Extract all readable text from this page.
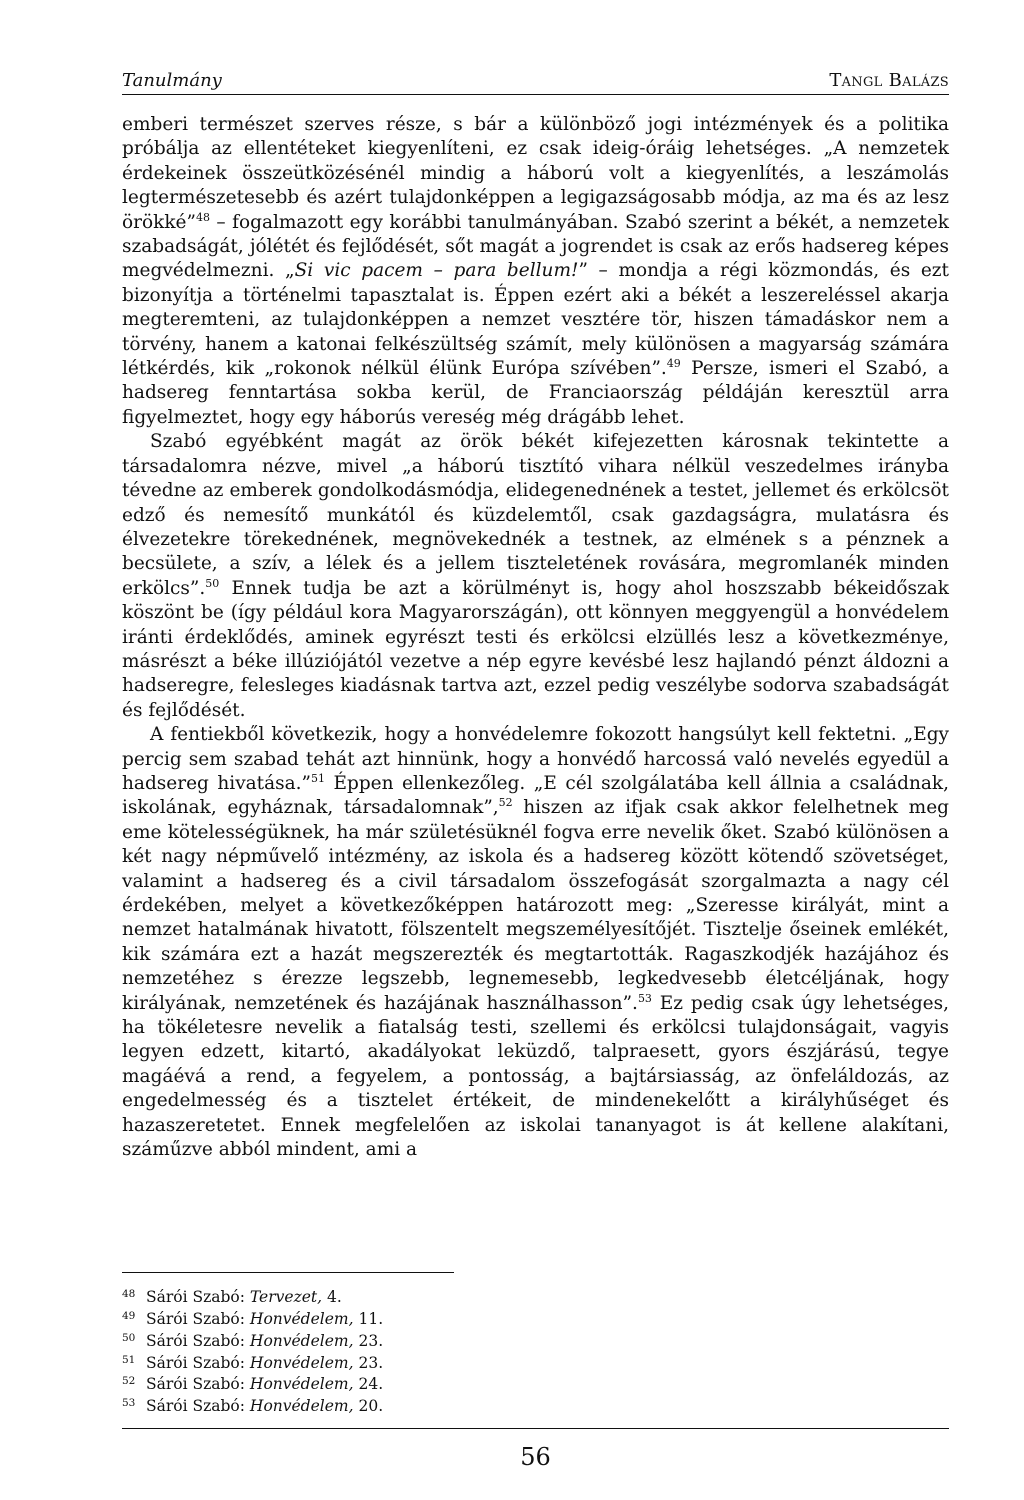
Tanulmány	Tangl Balázs

emberi természet szerves része, s bár a különböző jogi intézmények és a politika próbálja az ellentéteket kiegyenlíteni, ez csak ideig-óráig lehetséges. „A nemzetek érdekeinek összeütközésénél mindig a háború volt a kiegyenlítés, a leszámolás legtermészetesebb és azért tulajdonképpen a legigazságosabb módja, az ma és az lesz örökké”$^{48}$ – fogalmazott egy korábbi tanulmányában. Szabó szerint a békét, a nemzetek szabadságát, jólétét és fejlődését, sőt magát a jogrendet is csak az erős hadsereg képes megvédelmezni. „Si vic pacem – para bellum!” – mondja a régi közmondás, és ezt bizonyítja a történelmi tapasztalat is. Éppen ezért aki a békét a leszereléssel akarja megteremteni, az tulajdonképpen a nemzet vesztére tör, hiszen támadáskor nem a törvény, hanem a katonai felkészültség számít, mely különösen a magyarság számára létkérdés, kik „rokonok nélkül élünk Európa szívében”.$^{49}$ Persze, ismeri el Szabó, a hadsereg fenntartása sokba kerül, de Franciaország példáján keresztül arra figyelmeztet, hogy egy háborús vereség még drágább lehet.

Szabó egyébként magát az örök békét kifejezetten károsnak tekintette a társadalomra nézve, mivel „a háború tisztító vihara nélkül veszedelmes irányba tévedne az emberek gondolkodásmódja, elidegenednének a testet, jellemet és erkölcsöt edző és nemesítő munkától és küzdelemtől, csak gazdagságra, mulatásra és élvezetekre törekednének, megnövekednék a testnek, az elmének s a pénznek a becsülete, a szív, a lélek és a jellem tiszteletének rovására, megromlanék minden erkölcs”.$^{50}$ Ennek tudja be azt a körülményt is, hogy ahol hoszszabb békeidőszak köszönt be (így például kora Magyarországán), ott könnyen meggyengül a honvédelem iránti érdeklődés, aminek egyrészt testi és erkölcsi elzüllés lesz a következménye, másrészt a béke illúziójától vezetve a nép egyre kevésbé lesz hajlandó pénzt áldozni a hadseregre, felesleges kiadásnak tartva azt, ezzel pedig veszélybe sodorva szabadságát és fejlődését.

A fentiekből következik, hogy a honvédelemre fokozott hangsúlyt kell fektetni. „Egy percig sem szabad tehát azt hinnünk, hogy a honvédő harcossá való nevelés egyedül a hadsereg hivatása.”$^{51}$ Éppen ellenkezőleg. „E cél szolgálatába kell állnia a családnak, iskolának, egyháznak, társadalomnak”,$^{52}$ hiszen az ifjak csak akkor felelhetnek meg eme kötelességüknek, ha már születésüknél fogva erre nevelik őket. Szabó különösen a két nagy népművelő intézmény, az iskola és a hadsereg között kötendő szövetséget, valamint a hadsereg és a civil társadalom összefogását szorgalmazta a nagy cél érdekében, melyet a következőképpen határozott meg: „Szeresse királyát, mint a nemzet hatalmának hivatott, fölszentelt megszemélyesítőjét. Tisztelje őseinek emlékét, kik számára ezt a hazát megszerezték és megtartották. Ragaszkodjék hazájához és nemzetéhez s érezze legszebb, legnemesebb, legkedvesebb életcéljának, hogy királyának, nemzetének és hazájának használhasson”.$^{53}$ Ez pedig csak úgy lehetséges, ha tökéletesre nevelik a fiatalság testi, szellemi és erkölcsi tulajdonságait, vagyis legyen edzett, kitartó, akadályokat leküzdő, talpraesett, gyors észjárású, tegye magáévá a rend, a fegyelem, a pontosság, a bajtársiasság, az önfeláldozás, az engedelmesség és a tisztelet értékeit, de mindenekelőtt a királyhűséget és hazaszeretetet. Ennek megfelelően az iskolai tananyagot is át kellene alakítani, száműzve abból mindent, ami a

48 Sárói Szabó: Tervezet, 4.
49 Sárói Szabó: Honvédelem, 11.
50 Sárói Szabó: Honvédelem, 23.
51 Sárói Szabó: Honvédelem, 23.
52 Sárói Szabó: Honvédelem, 24.
53 Sárói Szabó: Honvédelem, 20.
56
